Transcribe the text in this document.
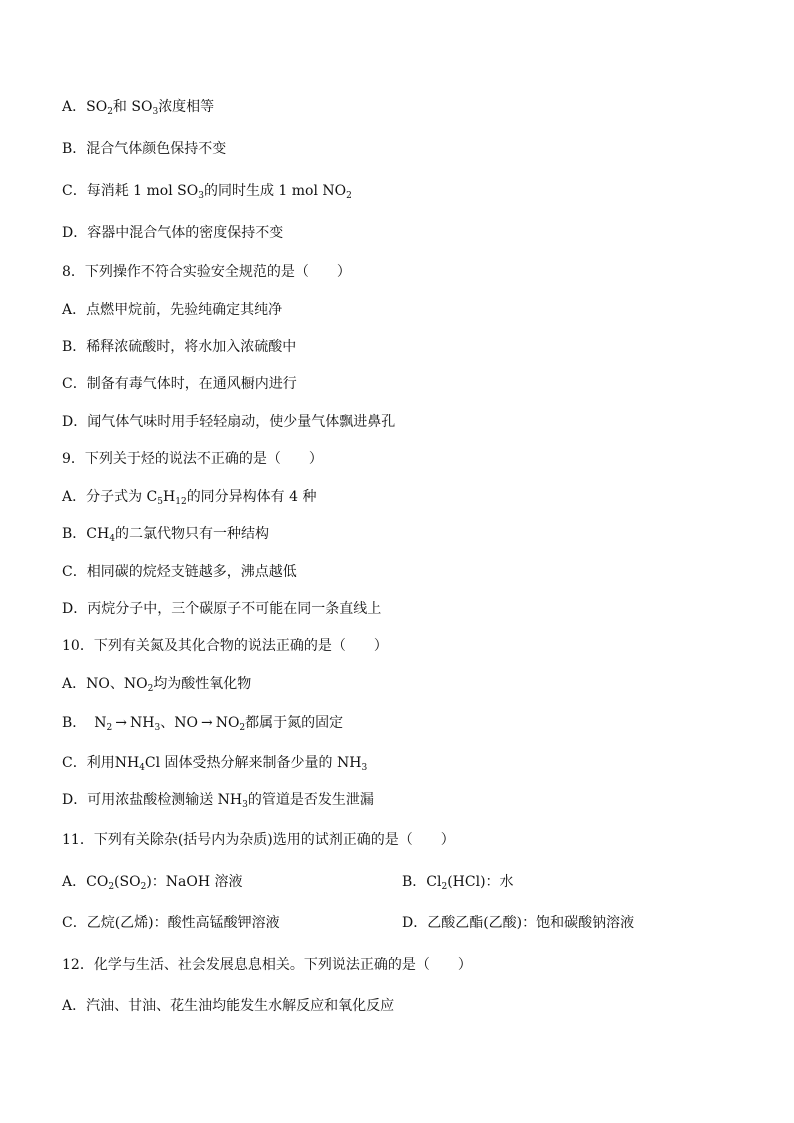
A．$SO_2$和 $SO_3$浓度相等
B．混合气体颜色保持不变
C．每消耗 1 mol $SO_3$的同时生成 1 mol $NO_2$
D．容器中混合气体的密度保持不变
8．下列操作不符合实验安全规范的是（　　）
A．点燃甲烷前，先验纯确定其纯净
B．稀释浓硫酸时，将水加入浓硫酸中
C．制备有毒气体时，在通风橱内进行
D．闻气体气味时用手轻轻扇动，使少量气体飘进鼻孔
9．下列关于烃的说法不正确的是（　　）
A．分子式为 $C_5H_{12}$的同分异构体有 4 种
B．$CH_4$的二氯代物只有一种结构
C．相同碳的烷烃支链越多，沸点越低
D．丙烷分子中，三个碳原子不可能在同一条直线上
10．下列有关氮及其化合物的说法正确的是（　　）
A．NO、$NO_2$均为酸性氧化物
B． $N_2 \to NH_3$、NO → $NO_2$都属于氮的固定
C．利用$NH_4Cl$ 固体受热分解来制备少量的 $NH_3$
D．可用浓盐酸检测输送 $NH_3$的管道是否发生泄漏
11．下列有关除杂(括号内为杂质)选用的试剂正确的是（　　）
A．$CO_2(SO_2)$：NaOH 溶液	B．$Cl_2(HCl)$：水
C．乙烷(乙烯)：酸性高锰酸钾溶液	D．乙酸乙酯(乙酸)：饱和碳酸钠溶液
12．化学与生活、社会发展息息相关。下列说法正确的是（　　）
A．汽油、甘油、花生油均能发生水解反应和氧化反应
